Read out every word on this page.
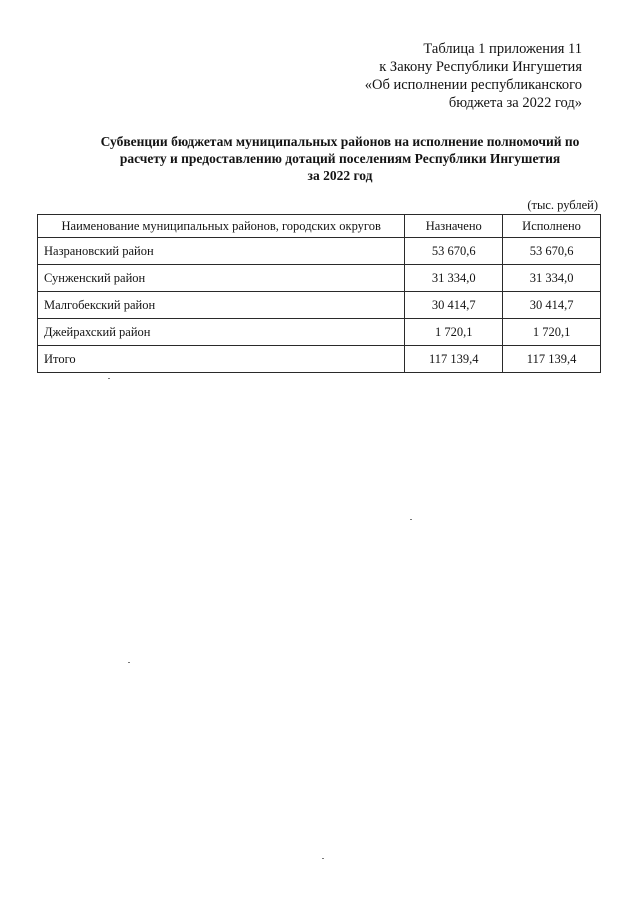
Таблица 1 приложения 11
к Закону Республики Ингушетия
«Об исполнении республиканского
бюджета за 2022 год»
Субвенции бюджетам муниципальных районов на исполнение полномочий по
расчету и предоставлению дотаций поселениям Республики Ингушетия
за 2022 год
(тыс. рублей)
Наименование муниципальных районов, городских округов	Назначено	Исполнено
Назрановский район	53 670,6	53 670,6
Сунженский район	31 334,0	31 334,0
Малгобекский район	30 414,7	30 414,7
Джейрахский район	1 720,1	1 720,1
Итого	117 139,4	117 139,4
